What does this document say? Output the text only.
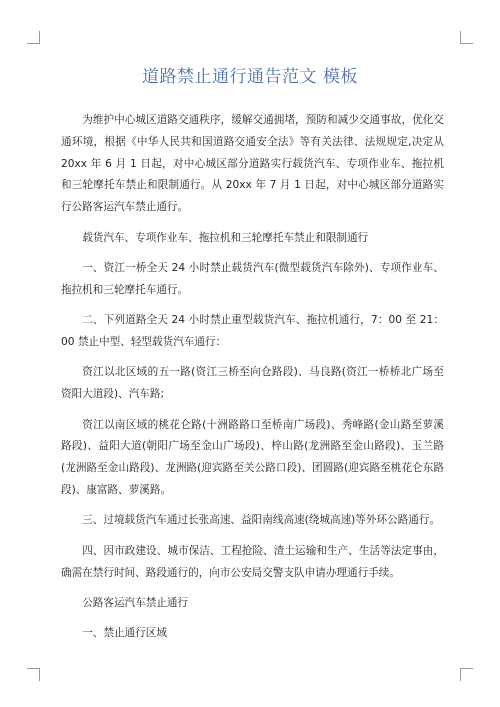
道路禁止通行通告范文 模板

为维护中心城区道路交通秩序，缓解交通拥堵，预防和减少交通事故，优化交通环境，根据《中华人民共和国道路交通安全法》等有关法律、法规规定,决定从 20xx 年 6 月 1 日起，对中心城区部分道路实行载货汽车、专项作业车、拖拉机和三轮摩托车禁止和限制通行。从 20xx 年 7 月 1 日起，对中心城区部分道路实行公路客运汽车禁止通行。

载货汽车、专项作业车、拖拉机和三轮摩托车禁止和限制通行

一、资江一桥全天 24 小时禁止载货汽车(微型载货汽车除外)、专项作业车、拖拉机和三轮摩托车通行。

二、下列道路全天 24 小时禁止重型载货汽车、拖拉机通行，7：00 至 21：00 禁止中型、轻型载货汽车通行：

资江以北区域的五一路(资江三桥至向仓路段)、马良路(资江一桥桥北广场至资阳大道段)、汽车路;

资江以南区域的桃花仑路(十洲路路口至桥南广场段)、秀峰路(金山路至萝溪路段)、益阳大道(朝阳广场至金山广场段)、梓山路(龙洲路至金山路段)、玉兰路(龙洲路至金山路段)、龙洲路(迎宾路至关公路口段)、团圆路(迎宾路至桃花仑东路段)、康富路、萝溪路。

三、过境载货汽车通过长张高速、益阳南线高速(绕城高速)等外环公路通行。

四、因市政建设、城市保洁、工程抢险、渣土运输和生产、生活等法定事由，确需在禁行时间、路段通行的，向市公安局交警支队申请办理通行手续。

公路客运汽车禁止通行

一、禁止通行区域
